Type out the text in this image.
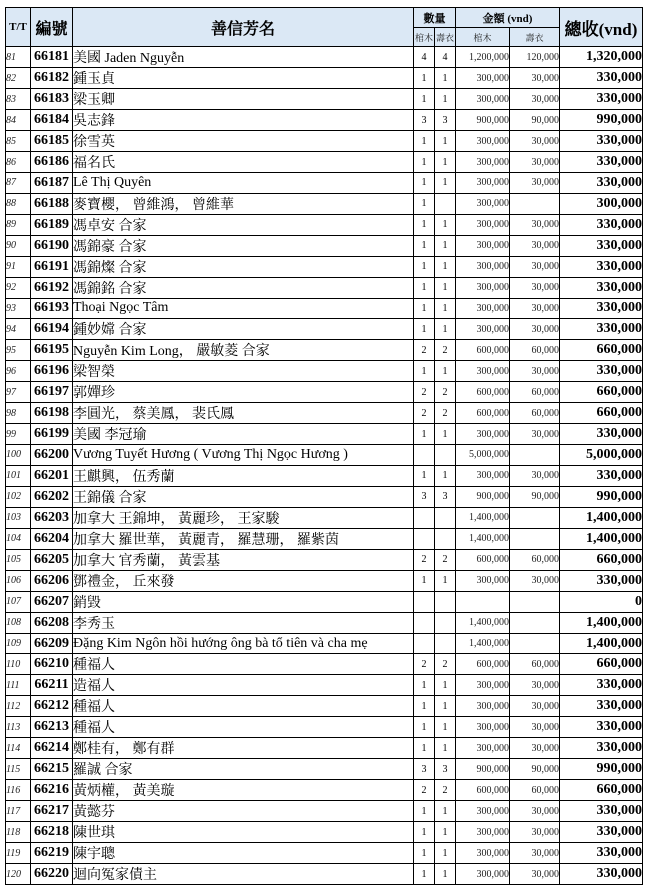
T/T	編號	善信芳名	數量		金額 (vnd)		總收(vnd)
			棺木	壽衣	棺木	壽衣	
81	66181	美國 Jaden Nguyễn	4	4	1,200,000	120,000	1,320,000
82	66182	鍾玉貞	1	1	300,000	30,000	330,000
83	66183	梁玉卿	1	1	300,000	30,000	330,000
84	66184	吳志鋒	3	3	900,000	90,000	990,000
85	66185	徐雪英	1	1	300,000	30,000	330,000
86	66186	福名氏	1	1	300,000	30,000	330,000
87	66187	Lê Thị Quyên	1	1	300,000	30,000	330,000
88	66188	麥寶櫻， 曾維鴻， 曾維華	1		300,000		300,000
89	66189	馮卓安 合家	1	1	300,000	30,000	330,000
90	66190	馮錦豪 合家	1	1	300,000	30,000	330,000
91	66191	馮錦燦 合家	1	1	300,000	30,000	330,000
92	66192	馮錦銘 合家	1	1	300,000	30,000	330,000
93	66193	Thoại Ngọc Tâm	1	1	300,000	30,000	330,000
94	66194	鍾妙嫦 合家	1	1	300,000	30,000	330,000
95	66195	Nguyễn Kim Long， 嚴敏菱 合家	2	2	600,000	60,000	660,000
96	66196	梁智榮	1	1	300,000	30,000	330,000
97	66197	郭嬋珍	2	2	600,000	60,000	660,000
98	66198	李圓光， 蔡美鳳， 裴氏鳳	2	2	600,000	60,000	660,000
99	66199	美國 李冠瑜	1	1	300,000	30,000	330,000
100	66200	Vương Tuyết Hương ( Vương Thị Ngọc Hương )			5,000,000		5,000,000
101	66201	王麒興， 伍秀蘭	1	1	300,000	30,000	330,000
102	66202	王錦儀 合家	3	3	900,000	90,000	990,000
103	66203	加拿大 王錦坤， 黃麗珍， 王家駿			1,400,000		1,400,000
104	66204	加拿大 羅世華， 黃麗青， 羅慧珊， 羅紫茵			1,400,000		1,400,000
105	66205	加拿大 官秀蘭， 黃雲基	2	2	600,000	60,000	660,000
106	66206	鄧禮金， 丘來發	1	1	300,000	30,000	330,000
107	66207	銷毀					0
108	66208	李秀玉			1,400,000		1,400,000
109	66209	Đặng Kim Ngôn hồi hướng ông bà tổ tiên và cha mẹ			1,400,000		1,400,000
110	66210	種福人	2	2	600,000	60,000	660,000
111	66211	造福人	1	1	300,000	30,000	330,000
112	66212	種福人	1	1	300,000	30,000	330,000
113	66213	種福人	1	1	300,000	30,000	330,000
114	66214	鄭桂有， 鄭有群	1	1	300,000	30,000	330,000
115	66215	羅誠 合家	3	3	900,000	90,000	990,000
116	66216	黃炳權， 黃美璇	2	2	600,000	60,000	660,000
117	66217	黃懿芬	1	1	300,000	30,000	330,000
118	66218	陳世琪	1	1	300,000	30,000	330,000
119	66219	陳宇聰	1	1	300,000	30,000	330,000
120	66220	迴向冤家債主	1	1	300,000	30,000	330,000
